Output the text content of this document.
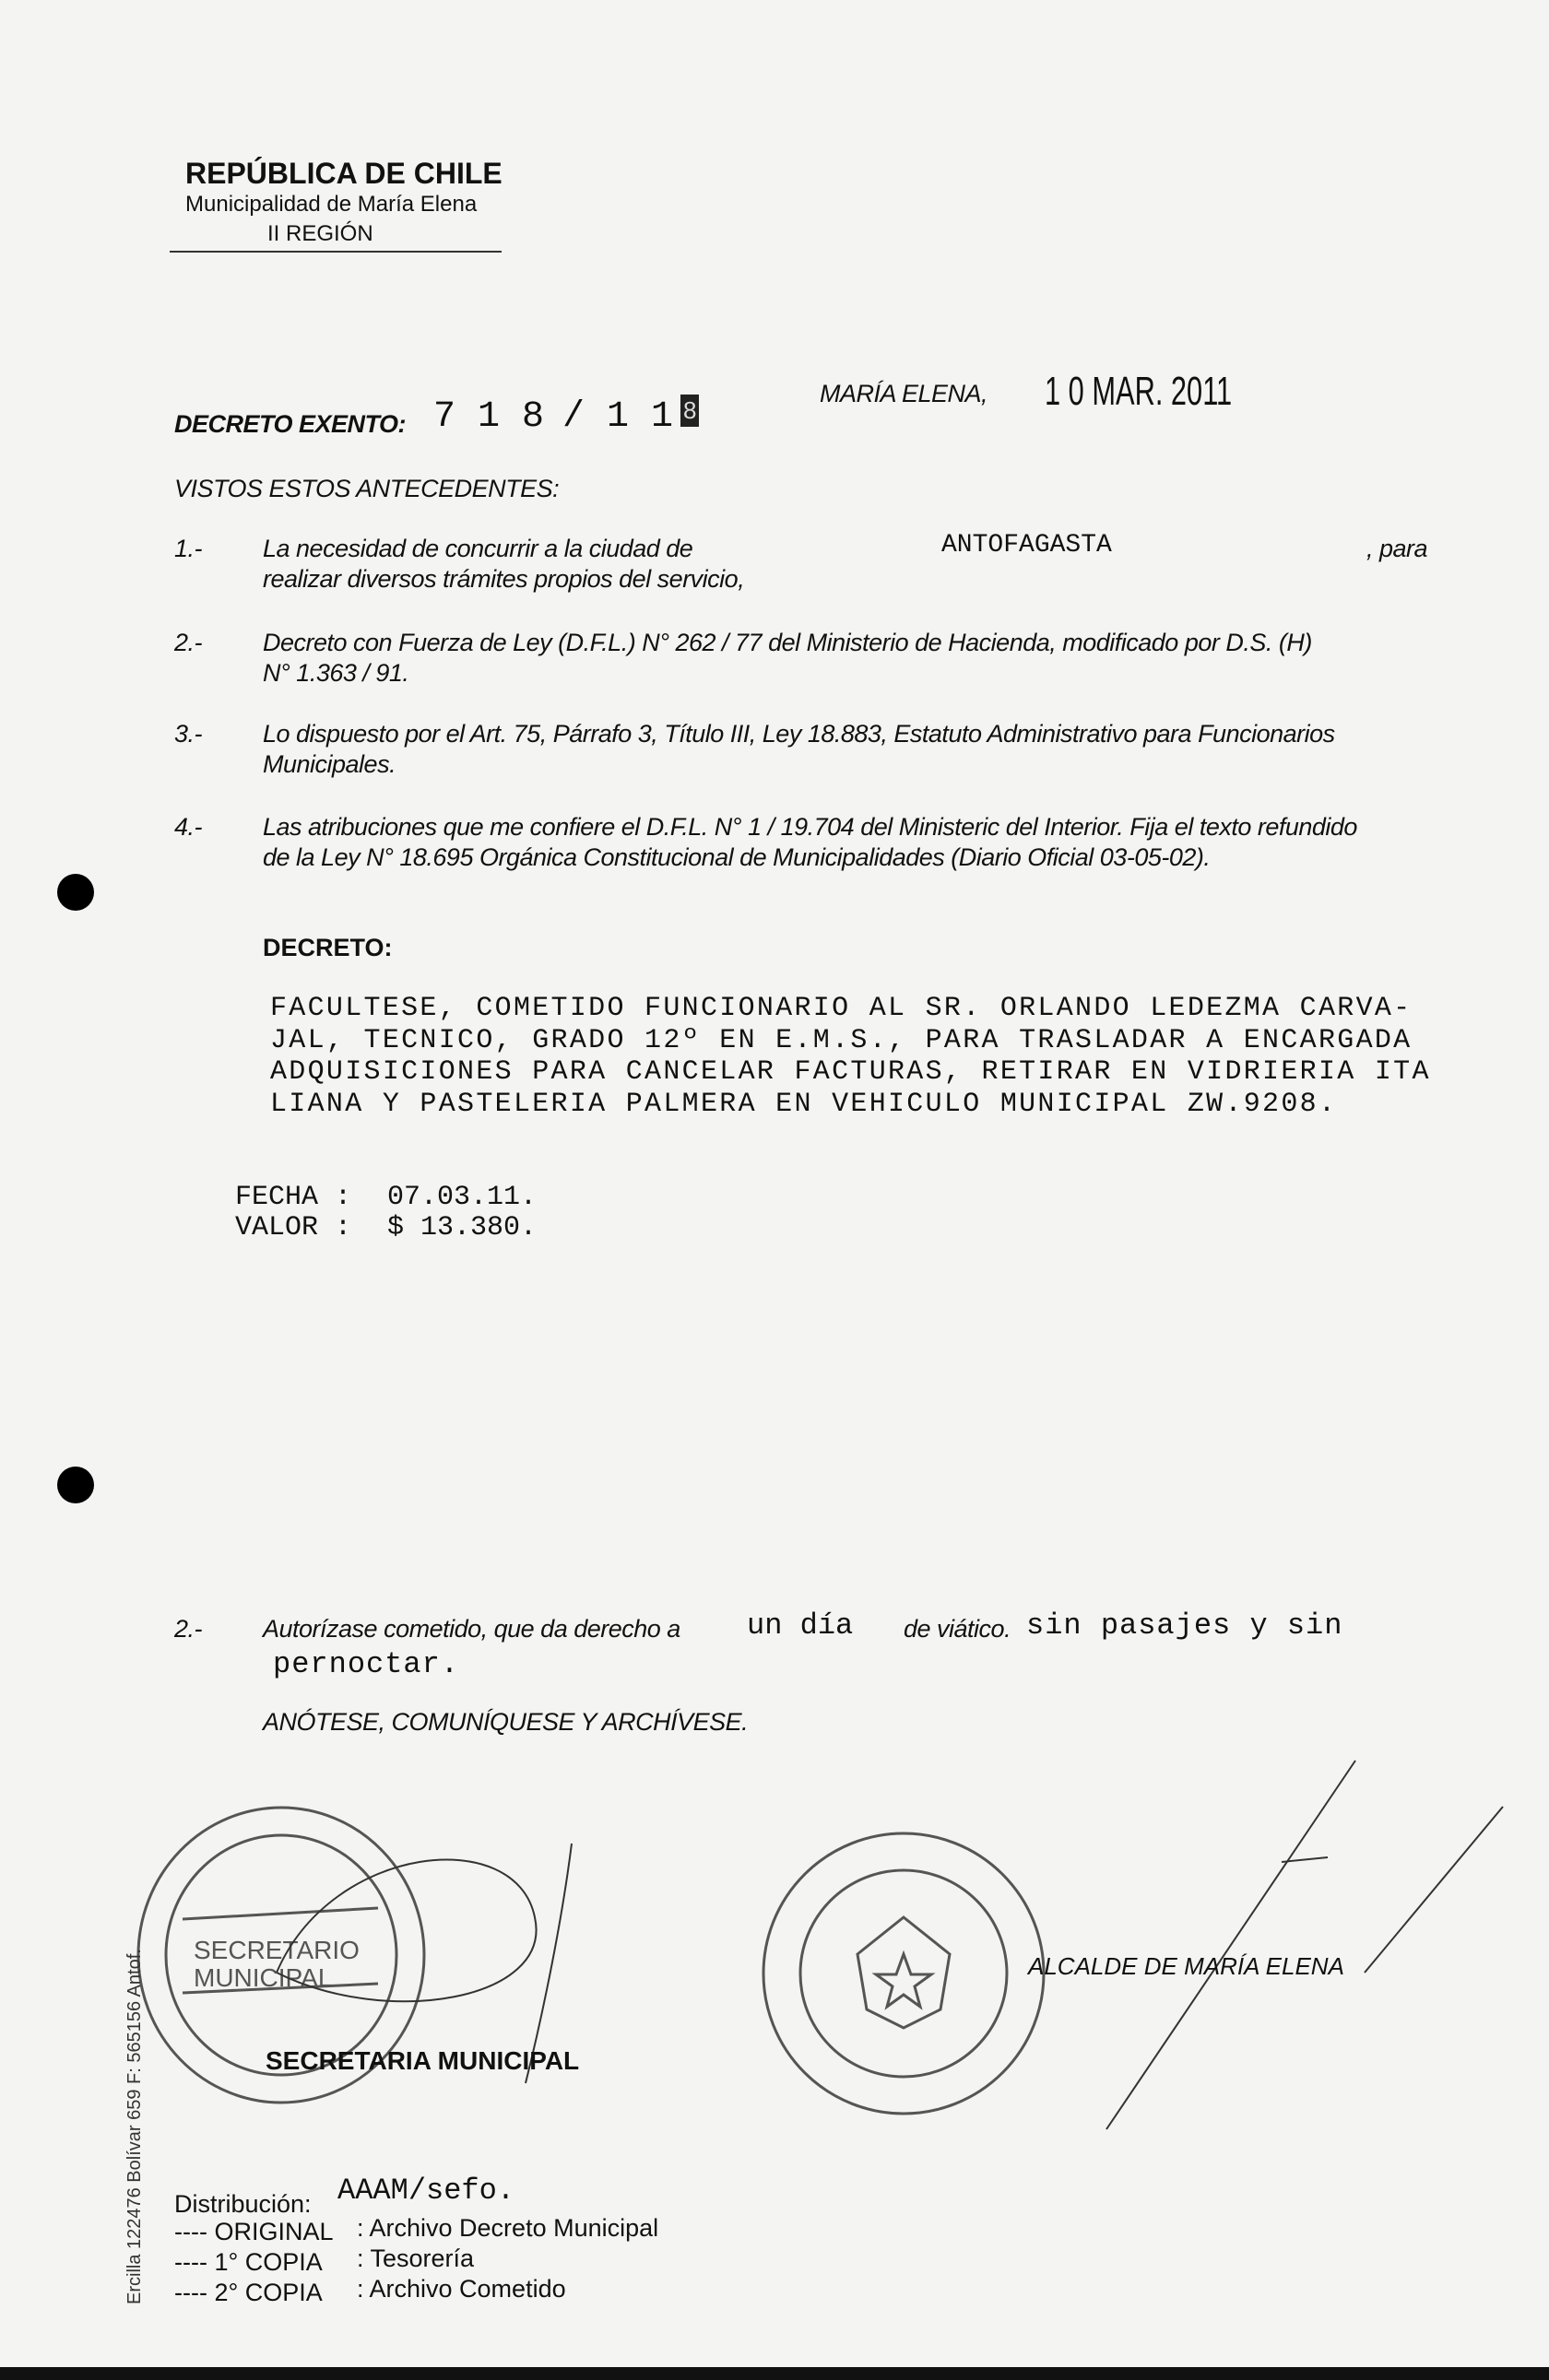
REPÚBLICA DE CHILE
Municipalidad de María Elena
II REGIÓN
DECRETO EXENTO: 7 1 8 / 1 1 8
MARÍA ELENA, 1 0 MAR. 2011
VISTOS ESTOS ANTECEDENTES:
1.- La necesidad de concurrir a la ciudad de	ANTOFAGASTA	, para
realizar diversos trámites propios del servicio,
2.- Decreto con Fuerza de Ley (D.F.L.) N° 262 / 77 del Ministerio de Hacienda, modificado por D.S. (H)
N° 1.363 / 91.
3.- Lo dispuesto por el Art. 75, Párrafo 3, Título III, Ley 18.883, Estatuto Administrativo para Funcionarios
Municipales.
4.- Las atribuciones que me confiere el D.F.L. N° 1 / 19.704 del Ministeric del Interior. Fija el texto refundido
de la Ley N° 18.695 Orgánica Constitucional de Municipalidades (Diario Oficial 03-05-02).
DECRETO:
FACULTESE, COMETIDO FUNCIONARIO AL SR. ORLANDO LEDEZMA CARVA-
JAL, TECNICO, GRADO 12º EN E.M.S., PARA TRASLADAR A ENCARGADA
ADQUISICIONES PARA CANCELAR FACTURAS, RETIRAR EN VIDRIERIA ITA
LIANA Y PASTELERIA PALMERA EN VEHICULO MUNICIPAL ZW.9208.
FECHA : 07.03.11.
VALOR : $ 13.380.
2.- Autorízase cometido, que da derecho a un día de viático. sin pasajes y sin
pernoctar.
ANÓTESE, COMUNÍQUESE Y ARCHÍVESE.
SECRETARIO
MUNICIPAL	ALCALDE DE MARÍA ELENA
SECRETARIA MUNICIPAL
Distribución: AAAM/sefo.
---- ORIGINAL : Archivo Decreto Municipal
---- 1° COPIA : Tesorería
---- 2° COPIA : Archivo Cometido
Ercilla 122476 Bolívar 659 F: 565156 Antof.
